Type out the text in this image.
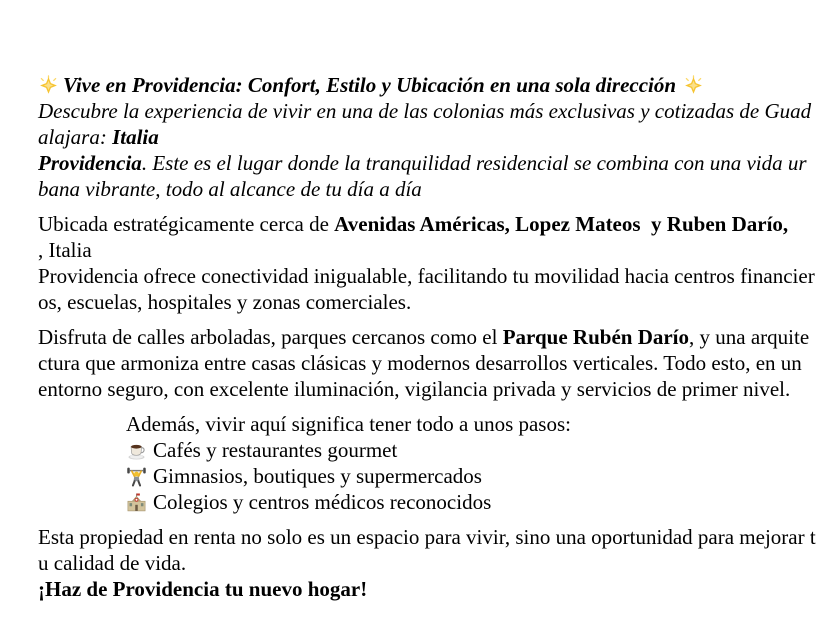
Vive en Providencia: Confort, Estilo y Ubicación en una sola dirección

Descubre la experiencia de vivir en una de las colonias más exclusivas y cotizadas de Guadalajara: Italia
Providencia. Este es el lugar donde la tranquilidad residencial se combina con una vida urbana vibrante, todo al alcance de tu día a día

Ubicada estratégicamente cerca de Avenidas Américas, Lopez Mateos  y Ruben Darío,
, Italia
Providencia ofrece conectividad inigualable, facilitando tu movilidad hacia centros financieros, escuelas, hospitales y zonas comerciales.

Disfruta de calles arboladas, parques cercanos como el Parque Rubén Darío, y una arquitectura que armoniza entre casas clásicas y modernos desarrollos verticales. Todo esto, en un entorno seguro, con excelente iluminación, vigilancia privada y servicios de primer nivel.

Además, vivir aquí significa tener todo a unos pasos:
Cafés y restaurantes gourmet
Gimnasios, boutiques y supermercados
Colegios y centros médicos reconocidos

Esta propiedad en renta no solo es un espacio para vivir, sino una oportunidad para mejorar tu calidad de vida.

¡Haz de Providencia tu nuevo hogar!
